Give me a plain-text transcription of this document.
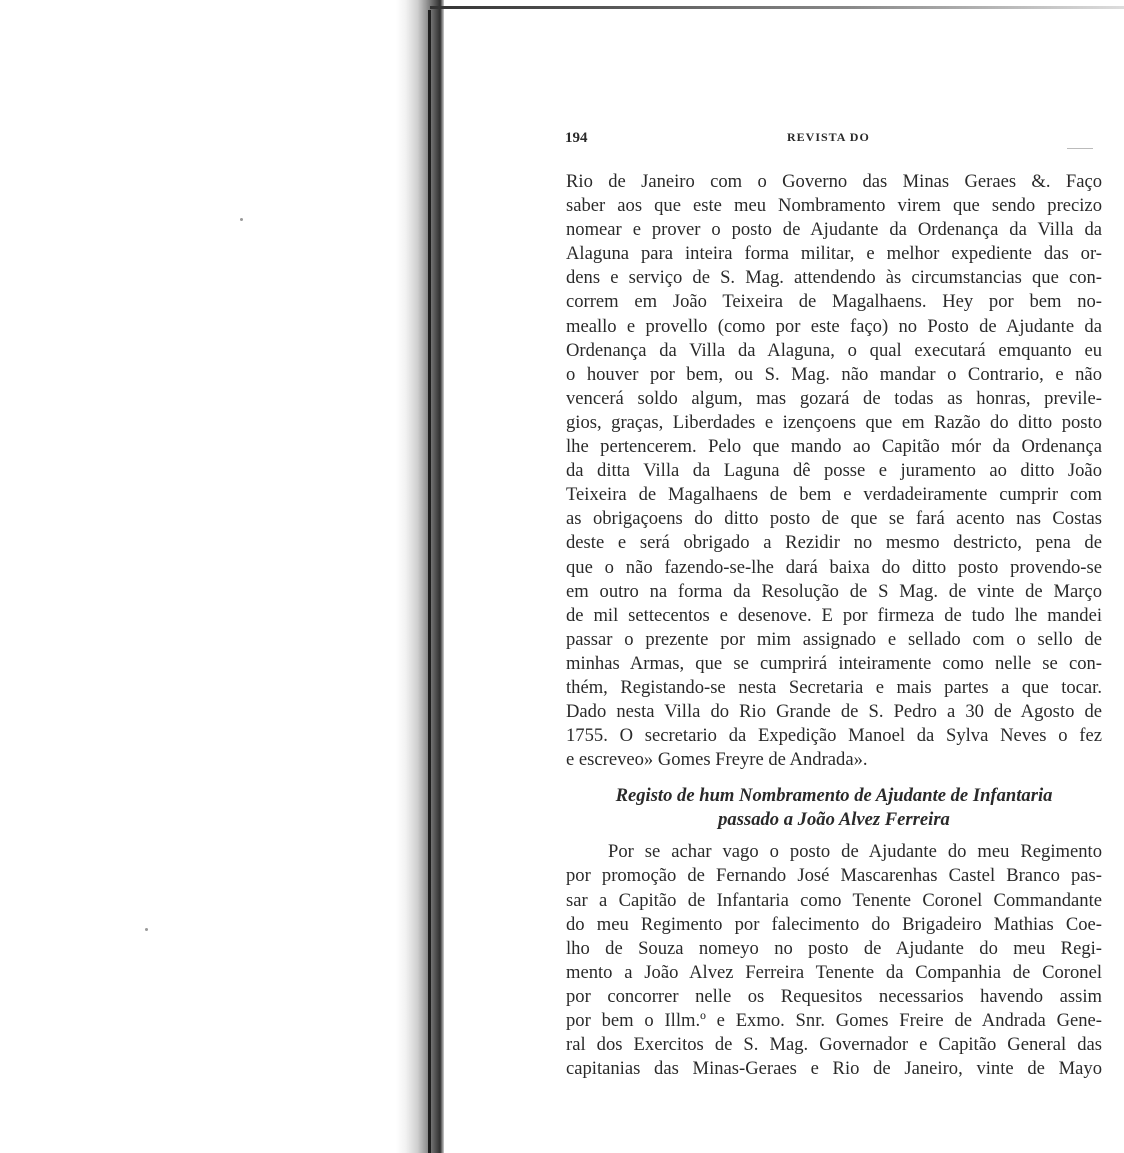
194	REVISTA DO
Rio de Janeiro com o Governo das Minas Geraes &. Faço
saber aos que este meu Nombramento virem que sendo precizo
nomear e prover o posto de Ajudante da Ordenança da Villa da
Alaguna para inteira forma militar, e melhor expediente das or-
dens e serviço de S. Mag. attendendo às circumstancias que con-
correm em João Teixeira de Magalhaens. Hey por bem no-
meallo e provello (como por este faço) no Posto de Ajudante da
Ordenança da Villa da Alaguna, o qual executará emquanto eu
o houver por bem, ou S. Mag. não mandar o Contrario, e não
vencerá soldo algum, mas gozará de todas as honras, previle-
gios, graças, Liberdades e izençoens que em Razão do ditto posto
lhe pertencerem. Pelo que mando ao Capitão mór da Ordenança
da ditta Villa da Laguna dê posse e juramento ao ditto João
Teixeira de Magalhaens de bem e verdadeiramente cumprir com
as obrigaçoens do ditto posto de que se fará acento nas Costas
deste e será obrigado a Rezidir no mesmo destricto, pena de
que o não fazendo-se-lhe dará baixa do ditto posto provendo-se
em outro na forma da Resolução de S Mag. de vinte de Março
de mil settecentos e desenove. E por firmeza de tudo lhe mandei
passar o prezente por mim assignado e sellado com o sello de
minhas Armas, que se cumprirá inteiramente como nelle se con-
thém, Registando-se nesta Secretaria e mais partes a que tocar.
Dado nesta Villa do Rio Grande de S. Pedro a 30 de Agosto de
1755. O secretario da Expedição Manoel da Sylva Neves o fez
e escreveo» Gomes Freyre de Andrada».
Registo de hum Nombramento de Ajudante de Infantaria
passado a João Alvez Ferreira
Por se achar vago o posto de Ajudante do meu Regimento
por promoção de Fernando José Mascarenhas Castel Branco pas-
sar a Capitão de Infantaria como Tenente Coronel Commandante
do meu Regimento por falecimento do Brigadeiro Mathias Coe-
lho de Souza nomeyo no posto de Ajudante do meu Regi-
mento a João Alvez Ferreira Tenente da Companhia de Coronel
por concorrer nelle os Requesitos necessarios havendo assim
por bem o Illm.º e Exmo. Snr. Gomes Freire de Andrada Gene-
ral dos Exercitos de S. Mag. Governador e Capitão General das
capitanias das Minas-Geraes e Rio de Janeiro, vinte de Mayo
